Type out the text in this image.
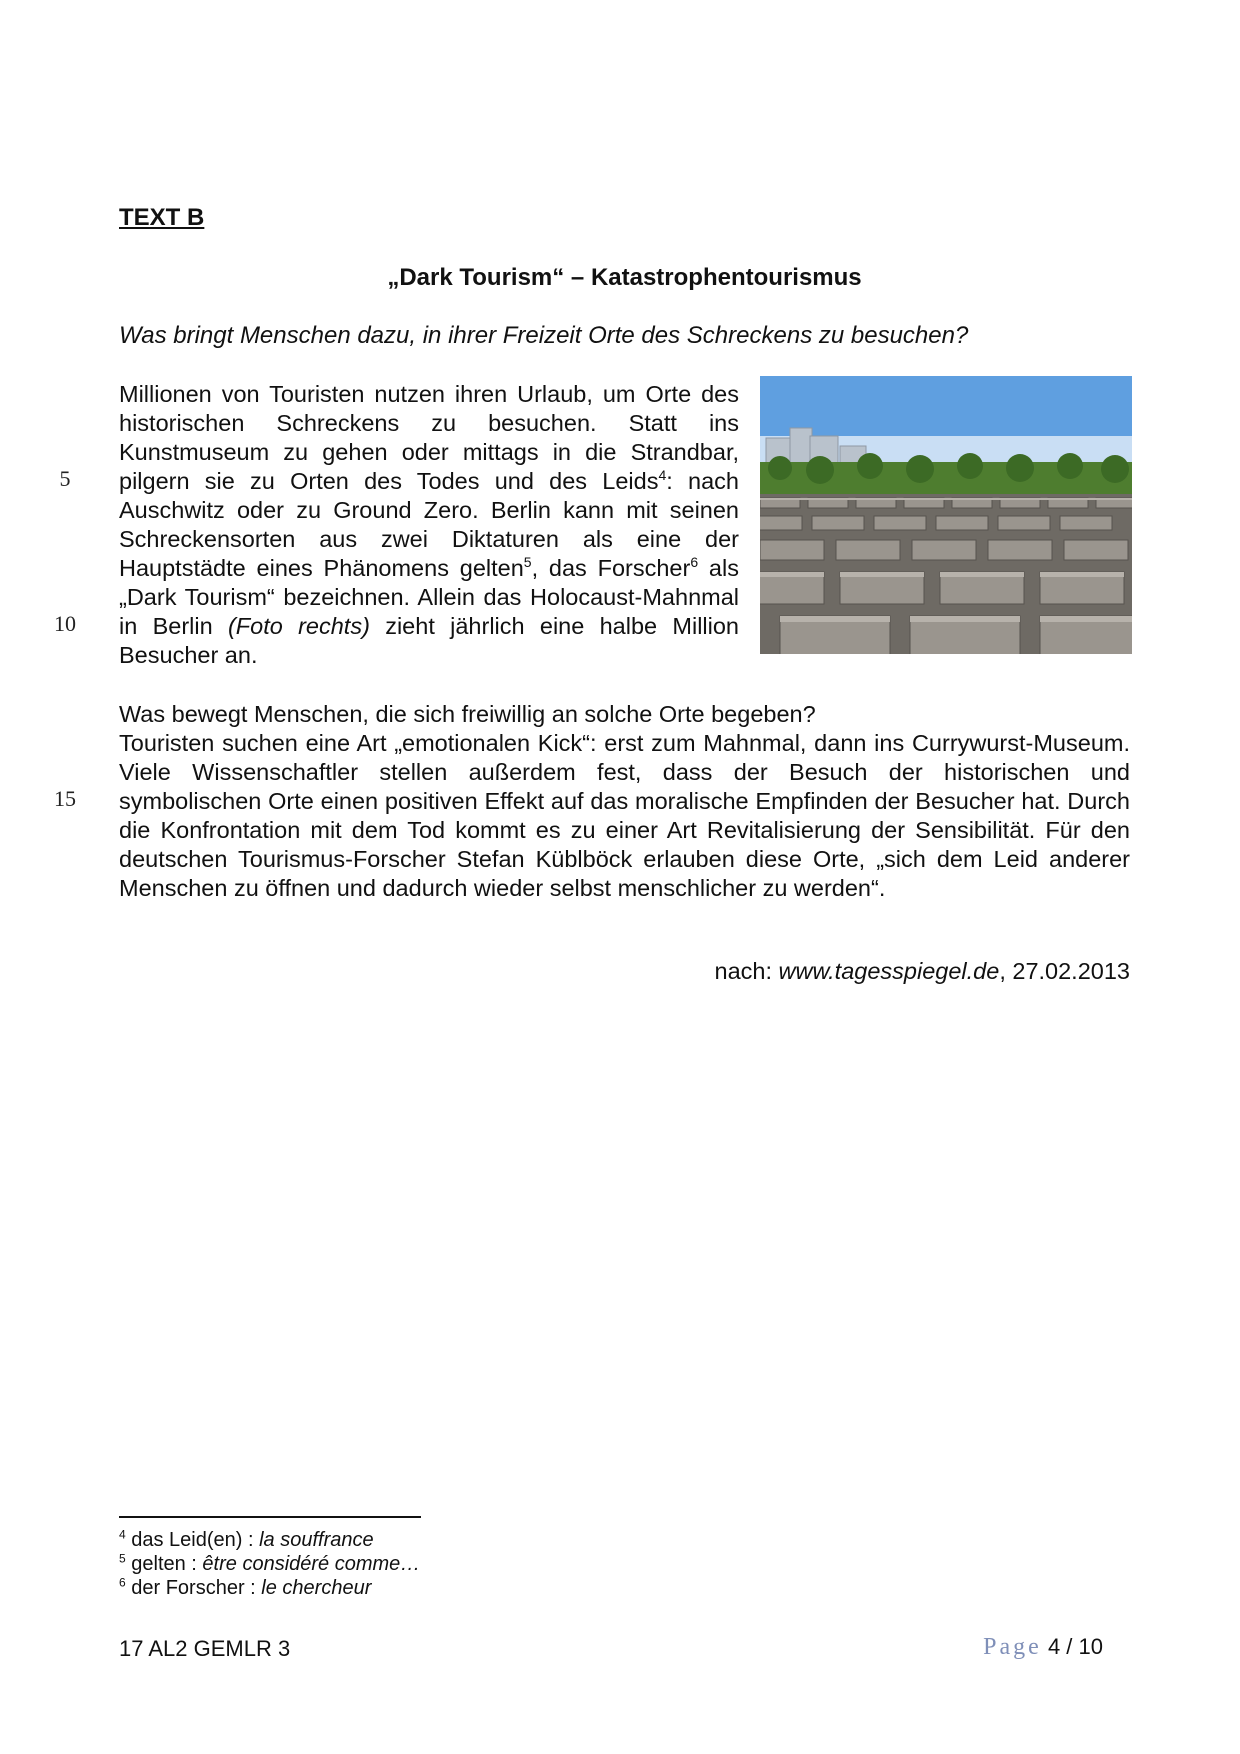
TEXT B
„Dark Tourism“ – Katastrophentourismus

Was bringt Menschen dazu, in ihrer Freizeit Orte des Schreckens zu besuchen?

Millionen von Touristen nutzen ihren Urlaub, um Orte des historischen Schreckens zu besuchen. Statt ins Kunstmuseum zu gehen oder mittags in die Strandbar, pilgern sie zu Orten des Todes und des Leids$^4$: nach Auschwitz oder zu Ground Zero. Berlin kann mit seinen Schreckensorten aus zwei Diktaturen als eine der Hauptstädte eines Phänomens gelten$^5$, das Forscher$^6$ als „Dark Tourism“ bezeichnen. Allein das Holocaust-Mahnmal in Berlin (Foto rechts) zieht jährlich eine halbe Million Besucher an.

5
10
15

Was bewegt Menschen, die sich freiwillig an solche Orte begeben?
Touristen suchen eine Art „emotionalen Kick“: erst zum Mahnmal, dann ins Currywurst-Museum. Viele Wissenschaftler stellen außerdem fest, dass der Besuch der historischen und symbolischen Orte einen positiven Effekt auf das moralische Empfinden der Besucher hat. Durch die Konfrontation mit dem Tod kommt es zu einer Art Revitalisierung der Sensibilität. Für den deutschen Tourismus-Forscher Stefan Küblböck erlauben diese Orte, „sich dem Leid anderer Menschen zu öffnen und dadurch wieder selbst menschlicher zu werden“.

nach: www.tagesspiegel.de, 27.02.2013

$^4$ das Leid(en) : la souffrance
$^5$ gelten : être considéré comme…
$^6$ der Forscher : le chercheur
17 AL2 GEMLR 3	Page 4 / 10
